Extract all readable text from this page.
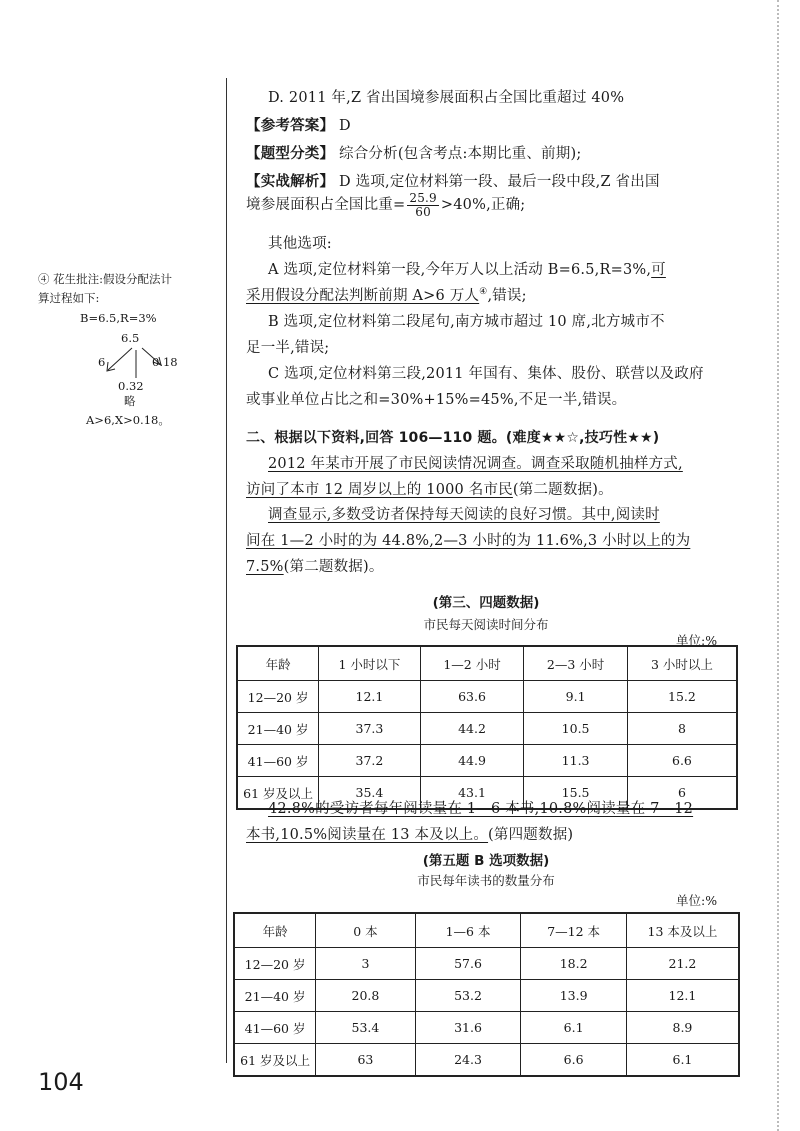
D. 2011 年,Z 省出国境参展面积占全国比重超过 40%
【参考答案】 D
【题型分类】 综合分析(包含考点:本期比重、前期);
【实战解析】 D 选项,定位材料第一段、最后一段中段,Z 省出国
境参展面积占全国比重= $\frac{25.9}{60} >40\%$,正确;
其他选项:
A 选项,定位材料第一段,今年万人以上活动 B=6.5,R=3%,可
采用假设分配法判断前期 A>6 万人④,错误;
B 选项,定位材料第二段尾句,南方城市超过 10 席,北方城市不
足一半,错误;
C 选项,定位材料第三段,2011 年国有、集体、股份、联营以及政府
或事业单位占比之和=30%+15%=45%,不足一半,错误。
④ 花生批注:假设分配法计
算过程如下:
B=6.5,R=3%
6.5
6	0.18
0.32
略
A>6,X>0.18。
二、根据以下资料,回答 106—110 题。(难度★★☆,技巧性★★)
2012 年某市开展了市民阅读情况调查。调查采取随机抽样方式,
访问了本市 12 周岁以上的 1000 名市民(第二题数据)。
调查显示,多数受访者保持每天阅读的良好习惯。其中,阅读时
间在 1—2 小时的为 44.8%,2—3 小时的为 11.6%,3 小时以上的为
7.5%(第二题数据)。
(第三、四题数据)
市民每天阅读时间分布
单位:%
年龄	1 小时以下	1—2 小时	2—3 小时	3 小时以上
12—20 岁	12.1	63.6	9.1	15.2
21—40 岁	37.3	44.2	10.5	8
41—60 岁	37.2	44.9	11.3	6.6
61 岁及以上	35.4	43.1	15.5	6
42.8%的受访者每年阅读量在 1—6 本书,10.8%阅读量在 7—12
本书,10.5%阅读量在 13 本及以上。(第四题数据)
(第五题 B 选项数据)
市民每年读书的数量分布
单位:%
年龄	0 本	1—6 本	7—12 本	13 本及以上
12—20 岁	3	57.6	18.2	21.2
21—40 岁	20.8	53.2	13.9	12.1
41—60 岁	53.4	31.6	6.1	8.9
61 岁及以上	63	24.3	6.6	6.1
104
